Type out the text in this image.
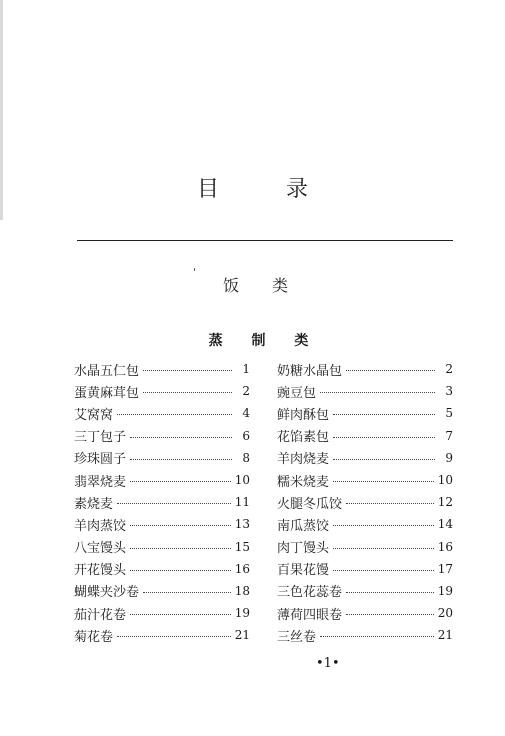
目 录
饭 类
蒸 制 类
水晶五仁包	1
蛋黄麻茸包	2
艾窝窝	4
三丁包子	6
珍珠圆子	8
翡翠烧麦	10
素烧麦	11
羊肉蒸饺	13
八宝馒头	15
开花馒头	16
蝴蝶夹沙卷	18
茄汁花卷	19
菊花卷	21
奶糖水晶包	2
豌豆包	3
鲜肉酥包	5
花馅素包	7
羊肉烧麦	9
糯米烧麦	10
火腿冬瓜饺	12
南瓜蒸饺	14
肉丁馒头	16
百果花馒	17
三色花蕊卷	19
薄荷四眼卷	20
三丝卷	21
•1•
